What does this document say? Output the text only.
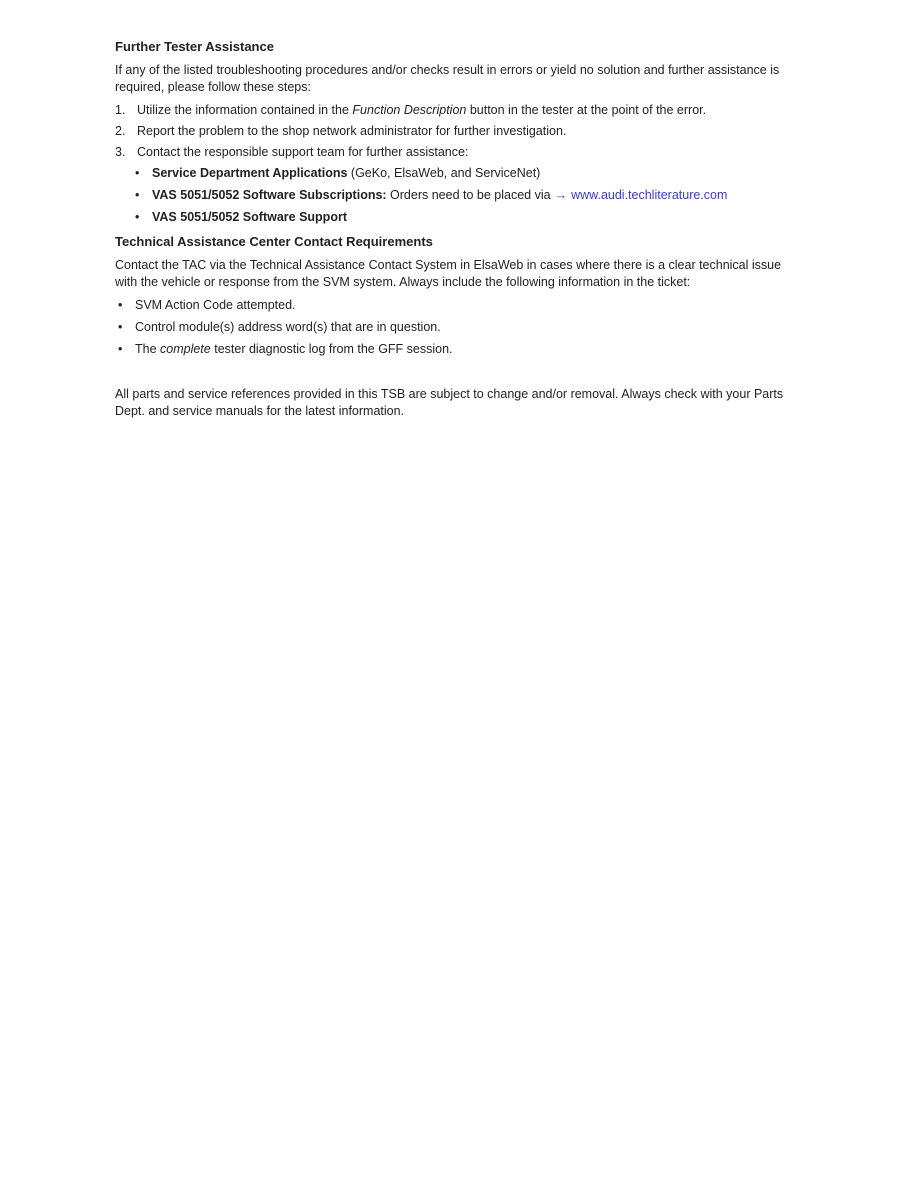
Further Tester Assistance

If any of the listed troubleshooting procedures and/or checks result in errors or yield no solution and further assistance is required, please follow these steps:

1. Utilize the information contained in the Function Description button in the tester at the point of the error.
2. Report the problem to the shop network administrator for further investigation.
3. Contact the responsible support team for further assistance:
•	Service Department Applications (GeKo, ElsaWeb, and ServiceNet)
•	VAS 5051/5052 Software Subscriptions: Orders need to be placed via → www.audi.techliterature.com
•	VAS 5051/5052 Software Support
Technical Assistance Center Contact Requirements

Contact the TAC via the Technical Assistance Contact System in ElsaWeb in cases where there is a clear technical issue with the vehicle or response from the SVM system. Always include the following information in the ticket:

•	SVM Action Code attempted.
•	Control module(s) address word(s) that are in question.
•	The complete tester diagnostic log from the GFF session.

All parts and service references provided in this TSB are subject to change and/or removal. Always check with your Parts Dept. and service manuals for the latest information.
